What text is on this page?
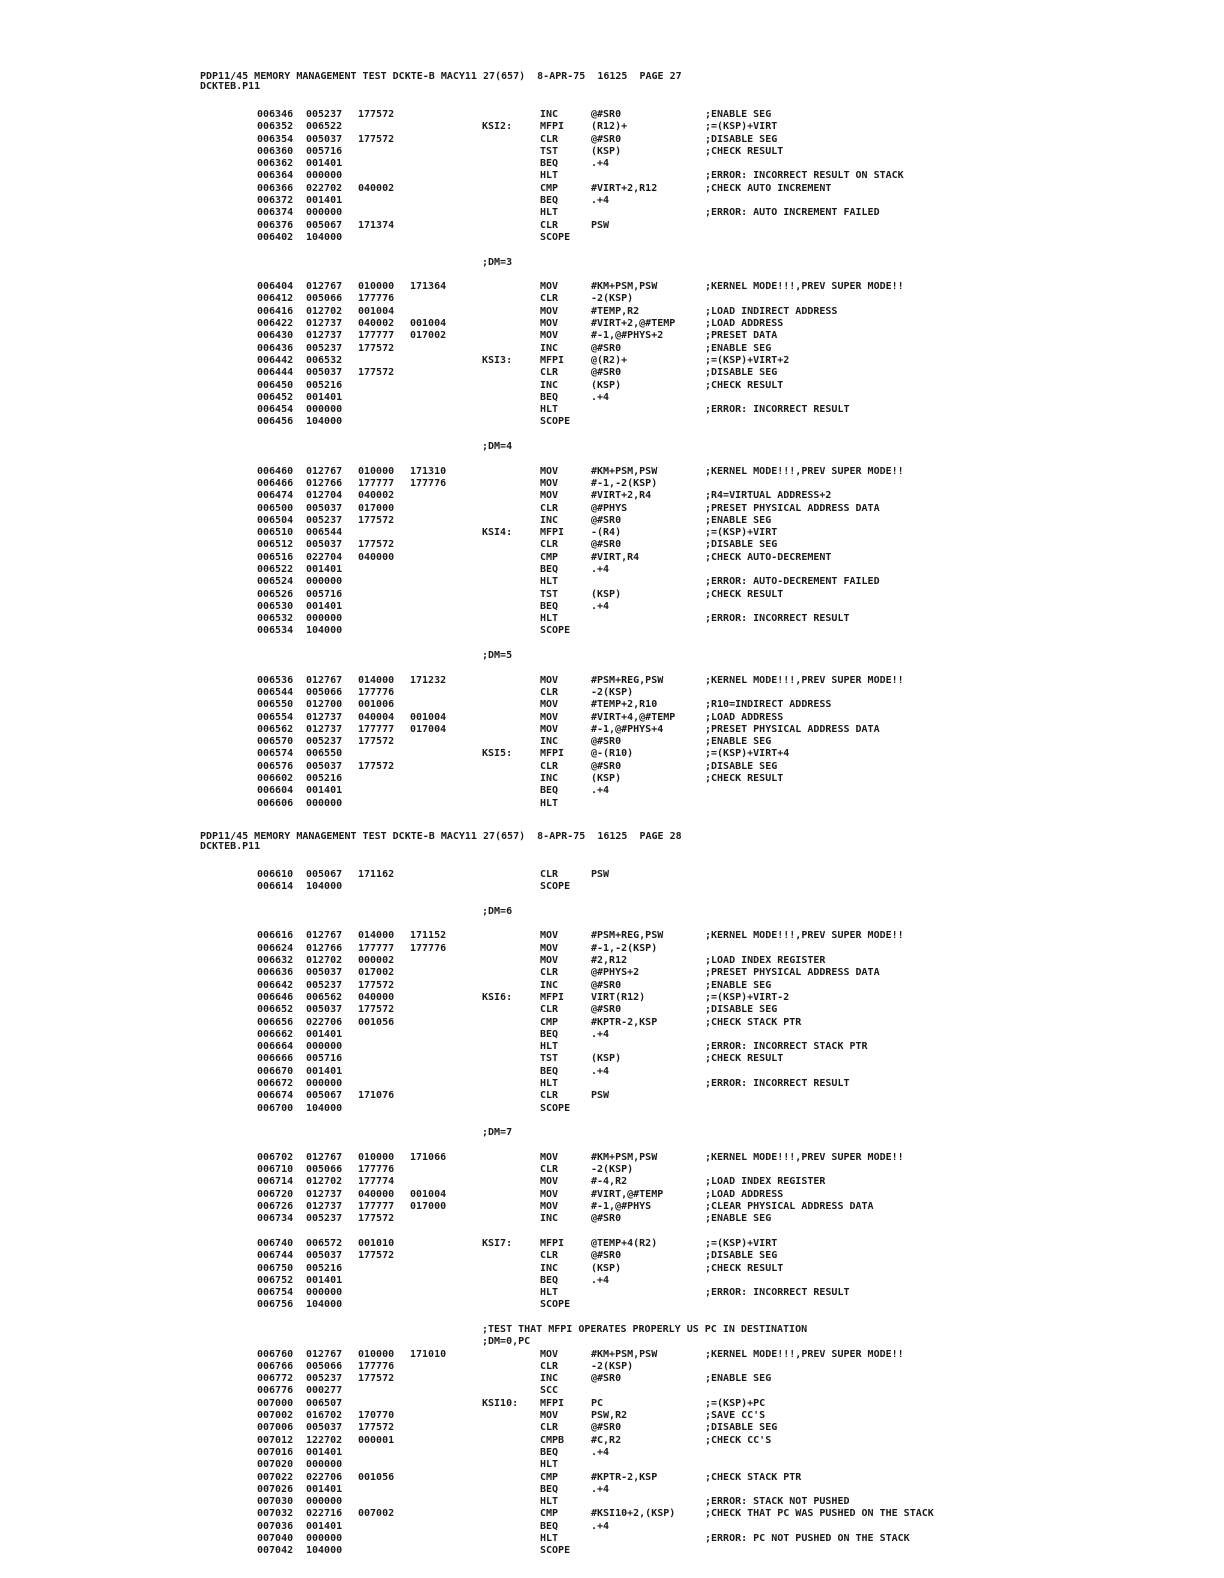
PDP11/45 MEMORY MANAGEMENT TEST DCKTE-B MACY11 27(657)  8-APR-75  16125  PAGE 27

DCKTEB.P11

006346 005237 177572	INC	@#SR0	;ENABLE SEG
006352 006522	KSI2:	MFPI	(R12)+	;=(KSP)+VIRT
006354 005037 177572	CLR	@#SR0	;DISABLE SEG
006360 005716	TST	(KSP)	;CHECK RESULT
006362 001401	BEQ	.+4
006364 000000	HLT	;ERROR: INCORRECT RESULT ON STACK
006366 022702 040002	CMP	#VIRT+2,R12	;CHECK AUTO INCREMENT
006372 001401	BEQ	.+4
006374 000000	HLT	;ERROR: AUTO INCREMENT FAILED
006376 005067 171374	CLR	PSW
006402 104000	SCOPE
;DM=3
006404 012767 010000 171364	MOV	#KM+PSM,PSW	;KERNEL MODE!!!,PREV SUPER MODE!!
006412 005066 177776	CLR	-2(KSP)
006416 012702 001004	MOV	#TEMP,R2	;LOAD INDIRECT ADDRESS
006422 012737 040002 001004	MOV	#VIRT+2,@#TEMP	;LOAD ADDRESS
006430 012737 177777 017002	MOV	#-1,@#PHYS+2	;PRESET DATA
006436 005237 177572	INC	@#SR0	;ENABLE SEG
006442 006532	KSI3:	MFPI	@(R2)+	;=(KSP)+VIRT+2
006444 005037 177572	CLR	@#SR0	;DISABLE SEG
006450 005216	INC	(KSP)	;CHECK RESULT
006452 001401	BEQ	.+4
006454 000000	HLT	;ERROR: INCORRECT RESULT
006456 104000	SCOPE
;DM=4
006460 012767 010000 171310	MOV	#KM+PSM,PSW	;KERNEL MODE!!!,PREV SUPER MODE!!
006466 012766 177777 177776	MOV	#-1,-2(KSP)
006474 012704 040002	MOV	#VIRT+2,R4	;R4=VIRTUAL ADDRESS+2
006500 005037 017000	CLR	@#PHYS	;PRESET PHYSICAL ADDRESS DATA
006504 005237 177572	INC	@#SR0	;ENABLE SEG
006510 006544	KSI4:	MFPI	-(R4)	;=(KSP)+VIRT
006512 005037 177572	CLR	@#SR0	;DISABLE SEG
006516 022704 040000	CMP	#VIRT,R4	;CHECK AUTO-DECREMENT
006522 001401	BEQ	.+4
006524 000000	HLT	;ERROR: AUTO-DECREMENT FAILED
006526 005716	TST	(KSP)	;CHECK RESULT
006530 001401	BEQ	.+4
006532 000000	HLT	;ERROR: INCORRECT RESULT
006534 104000	SCOPE
;DM=5
006536 012767 014000 171232	MOV	#PSM+REG,PSW	;KERNEL MODE!!!,PREV SUPER MODE!!
006544 005066 177776	CLR	-2(KSP)
006550 012700 001006	MOV	#TEMP+2,R10	;R10=INDIRECT ADDRESS
006554 012737 040004 001004	MOV	#VIRT+4,@#TEMP	;LOAD ADDRESS
006562 012737 177777 017004	MOV	#-1,@#PHYS+4	;PRESET PHYSICAL ADDRESS DATA
006570 005237 177572	INC	@#SR0	;ENABLE SEG
006574 006550	KSI5:	MFPI	@-(R10)	;=(KSP)+VIRT+4
006576 005037 177572	CLR	@#SR0	;DISABLE SEG
006602 005216	INC	(KSP)	;CHECK RESULT
006604 001401	BEQ	.+4
006606 000000	HLT

PDP11/45 MEMORY MANAGEMENT TEST DCKTE-B MACY11 27(657)  8-APR-75  16125  PAGE 28

DCKTEB.P11

006610 005067 171162	CLR	PSW
006614 104000	SCOPE
;DM=6
006616 012767 014000 171152	MOV	#PSM+REG,PSW	;KERNEL MODE!!!,PREV SUPER MODE!!
006624 012766 177777 177776	MOV	#-1,-2(KSP)
006632 012702 000002	MOV	#2,R12	;LOAD INDEX REGISTER
006636 005037 017002	CLR	@#PHYS+2	;PRESET PHYSICAL ADDRESS DATA
006642 005237 177572	INC	@#SR0	;ENABLE SEG
006646 006562 040000	KSI6:	MFPI	VIRT(R12)	;=(KSP)+VIRT-2
006652 005037 177572	CLR	@#SR0	;DISABLE SEG
006656 022706 001056	CMP	#KPTR-2,KSP	;CHECK STACK PTR
006662 001401	BEQ	.+4
006664 000000	HLT	;ERROR: INCORRECT STACK PTR
006666 005716	TST	(KSP)	;CHECK RESULT
006670 001401	BEQ	.+4
006672 000000	HLT	;ERROR: INCORRECT RESULT
006674 005067 171076	CLR	PSW
006700 104000	SCOPE
;DM=7
006702 012767 010000 171066	MOV	#KM+PSM,PSW	;KERNEL MODE!!!,PREV SUPER MODE!!
006710 005066 177776	CLR	-2(KSP)
006714 012702 177774	MOV	#-4,R2	;LOAD INDEX REGISTER
006720 012737 040000 001004	MOV	#VIRT,@#TEMP	;LOAD ADDRESS
006726 012737 177777 017000	MOV	#-1,@#PHYS	;CLEAR PHYSICAL ADDRESS DATA
006734 005237 177572	INC	@#SR0	;ENABLE SEG
006740 006572 001010	KSI7:	MFPI	@TEMP+4(R2)	;=(KSP)+VIRT
006744 005037 177572	CLR	@#SR0	;DISABLE SEG
006750 005216	INC	(KSP)	;CHECK RESULT
006752 001401	BEQ	.+4
006754 000000	HLT	;ERROR: INCORRECT RESULT
006756 104000	SCOPE
;TEST THAT MFPI OPERATES PROPERLY US PC IN DESTINATION
;DM=0,PC
006760 012767 010000 171010	MOV	#KM+PSM,PSW	;KERNEL MODE!!!,PREV SUPER MODE!!
006766 005066 177776	CLR	-2(KSP)
006772 005237 177572	INC	@#SR0	;ENABLE SEG
006776 000277	SCC
007000 006507	KSI10: MFPI	PC	;=(KSP)+PC
007002 016702 170770	MOV	PSW,R2	;SAVE CC'S
007006 005037 177572	CLR	@#SR0	;DISABLE SEG
007012 122702 000001	CMPB	#C,R2	;CHECK CC'S
007016 001401	BEQ	.+4
007020 000000	HLT
007022 022706 001056	CMP	#KPTR-2,KSP	;CHECK STACK PTR
007026 001401	BEQ	.+4
007030 000000	HLT	;ERROR: STACK NOT PUSHED
007032 022716 007002	CMP	#KSI10+2,(KSP)	;CHECK THAT PC WAS PUSHED ON THE STACK
007036 001401	BEQ	.+4
007040 000000	HLT	;ERROR: PC NOT PUSHED ON THE STACK
007042 104000	SCOPE
